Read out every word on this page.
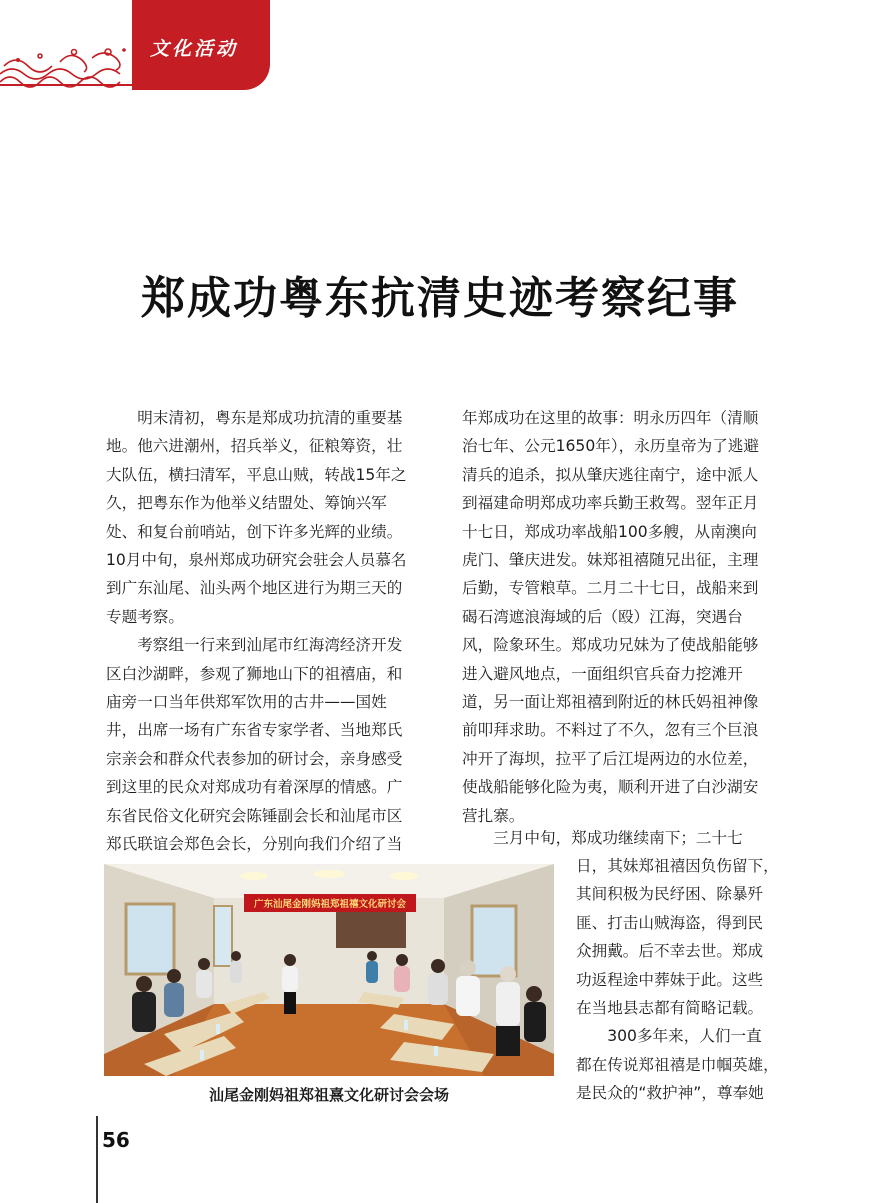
文化活动
郑成功粤东抗清史迹考察纪事
　　明末清初，粤东是郑成功抗清的重要基
地。他六进潮州，招兵举义，征粮筹资，壮
大队伍，横扫清军，平息山贼，转战15年之
久，把粤东作为他举义结盟处、筹饷兴军
处、和复台前哨站，创下许多光辉的业绩。
10月中旬，泉州郑成功研究会驻会人员慕名
到广东汕尾、汕头两个地区进行为期三天的
专题考察。
　　考察组一行来到汕尾市红海湾经济开发
区白沙湖畔，参观了狮地山下的祖禧庙，和
庙旁一口当年供郑军饮用的古井——国姓
井，出席一场有广东省专家学者、当地郑氏
宗亲会和群众代表参加的研讨会，亲身感受
到这里的民众对郑成功有着深厚的情感。广
东省民俗文化研究会陈锤副会长和汕尾市区
郑氏联谊会郑色会长，分别向我们介绍了当
年郑成功在这里的故事：明永历四年（清顺
治七年、公元1650年），永历皇帝为了逃避
清兵的追杀，拟从肇庆逃往南宁，途中派人
到福建命明郑成功率兵勤王救驾。翌年正月
十七日，郑成功率战船100多艘，从南澳向
虎门、肇庆进发。妹郑祖禧随兄出征，主理
后勤，专管粮草。二月二十七日，战船来到
碣石湾遮浪海域的后（殴）江海，突遇台
风，险象环生。郑成功兄妹为了使战船能够
进入避风地点，一面组织官兵奋力挖滩开
道，另一面让郑祖禧到附近的林氏妈祖神像
前叩拜求助。不料过了不久，忽有三个巨浪
冲开了海坝，拉平了后江堤两边的水位差，
使战船能够化险为夷，顺利开进了白沙湖安
营扎寨。
　　三月中旬，郑成功继续南下；二十七
日，其妹郑祖禧因负伤留下，
其间积极为民纾困、除暴歼
匪、打击山贼海盗，得到民
众拥戴。后不幸去世。郑成
功返程途中葬妹于此。这些
在当地县志都有简略记载。
　　300多年来，人们一直
都在传说郑祖禧是巾帼英雄，
是民众的“救护神”，尊奉她
广东汕尾金刚妈祖郑祖禧文化研讨会
汕尾金刚妈祖郑祖熹文化研讨会会场
56
